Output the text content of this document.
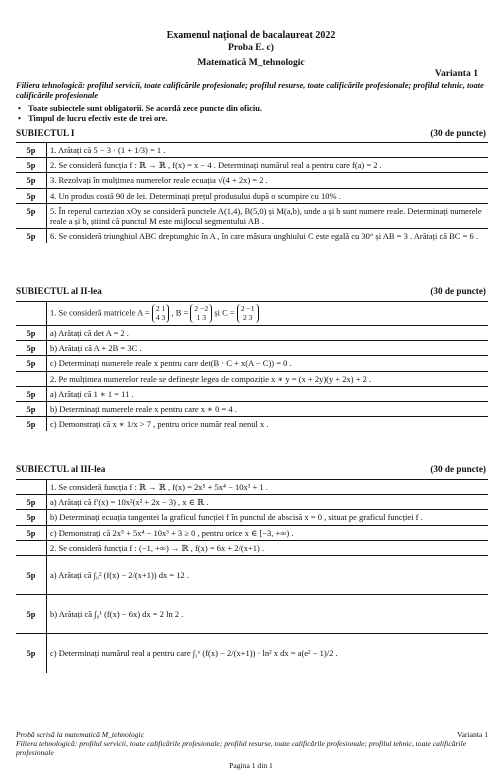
Examenul național de bacalaureat 2022
Proba E. c)
Matematică M_tehnologic
Varianta 1
Filiera tehnologică: profilul servicii, toate calificările profesionale; profilul resurse, toate calificările profesionale; profilul tehnic, toate calificările profesionale
• Toate subiectele sunt obligatorii. Se acordă zece puncte din oficiu.
• Timpul de lucru efectiv este de trei ore.
SUBIECTUL I	(30 de puncte)
5p	1. Arătați că 5 − 3 · (1 + 1/3) = 1 .
5p	2. Se consideră funcția f : ℝ → ℝ , f(x) = x − 4 . Determinați numărul real a pentru care f(a) = 2 .
5p	3. Rezolvați în mulțimea numerelor reale ecuația √(4 + 2x) = 2 .
5p	4. Un produs costă 90 de lei. Determinați prețul produsului după o scumpire cu 10% .
5p	5. În reperul cartezian xOy se consideră punctele A(1,4), B(5,0) și M(a,b), unde a și b sunt numere reale. Determinați numerele reale a și b, știind că punctul M este mijlocul segmentului AB .
5p	6. Se consideră triunghiul ABC dreptunghic în A , în care măsura unghiului C este egală cu 30° și AB = 3 . Arătați că BC = 6 .
SUBIECTUL al II-lea	(30 de puncte)
	1. Se consideră matricele A = 2 1
4 3 , B = 2 −2
1 3 și C = 2 −1
2 3
5p	a) Arătați că det A = 2 .
5p	b) Arătați că A + 2B = 3C .
5p	c) Determinați numerele reale x pentru care det(B · C + x(A − C)) = 0 .
	2. Pe mulțimea numerelor reale se definește legea de compoziție x ∗ y = (x + 2y)(y + 2x) + 2 .
5p	a) Arătați că 1 ∗ 1 = 11 .
5p	b) Determinați numerele reale x pentru care x ∗ 0 = 4 .
5p	c) Demonstrați că x ∗ 1/x > 7 , pentru orice număr real nenul x .
SUBIECTUL al III-lea	(30 de puncte)
	1. Se consideră funcția f : ℝ → ℝ , f(x) = 2x⁵ + 5x⁴ − 10x³ + 1 .
5p	a) Arătați că f′(x) = 10x²(x² + 2x − 3) , x ∈ ℝ .
5p	b) Determinați ecuația tangentei la graficul funcției f în punctul de abscisă x = 0 , situat pe graficul funcției f .
5p	c) Demonstrați că 2x⁵ + 5x⁴ − 10x³ + 3 ≥ 0 , pentru orice x ∈ [−3, +∞) .
	2. Se consideră funcția f : (−1, +∞) → ℝ , f(x) = 6x + 2/(x+1) .
5p	a) Arătați că ∫₀² (f(x) − 2/(x+1)) dx = 12 .
5p	b) Arătați că ∫₀¹ (f(x) − 6x) dx = 2 ln 2 .
5p	c) Determinați numărul real a pentru care ∫₁ᵉ (f(x) − 2/(x+1)) · ln² x dx = a(e² − 1)/2 .
Probă scrisă la matematică M_tehnologic
Filiera tehnologică: profilul servicii, toate calificările profesionale; profilul resurse, toate calificările profesionale; profilul tehnic, toate calificările profesionale
Varianta 1
Pagina 1 din 1
